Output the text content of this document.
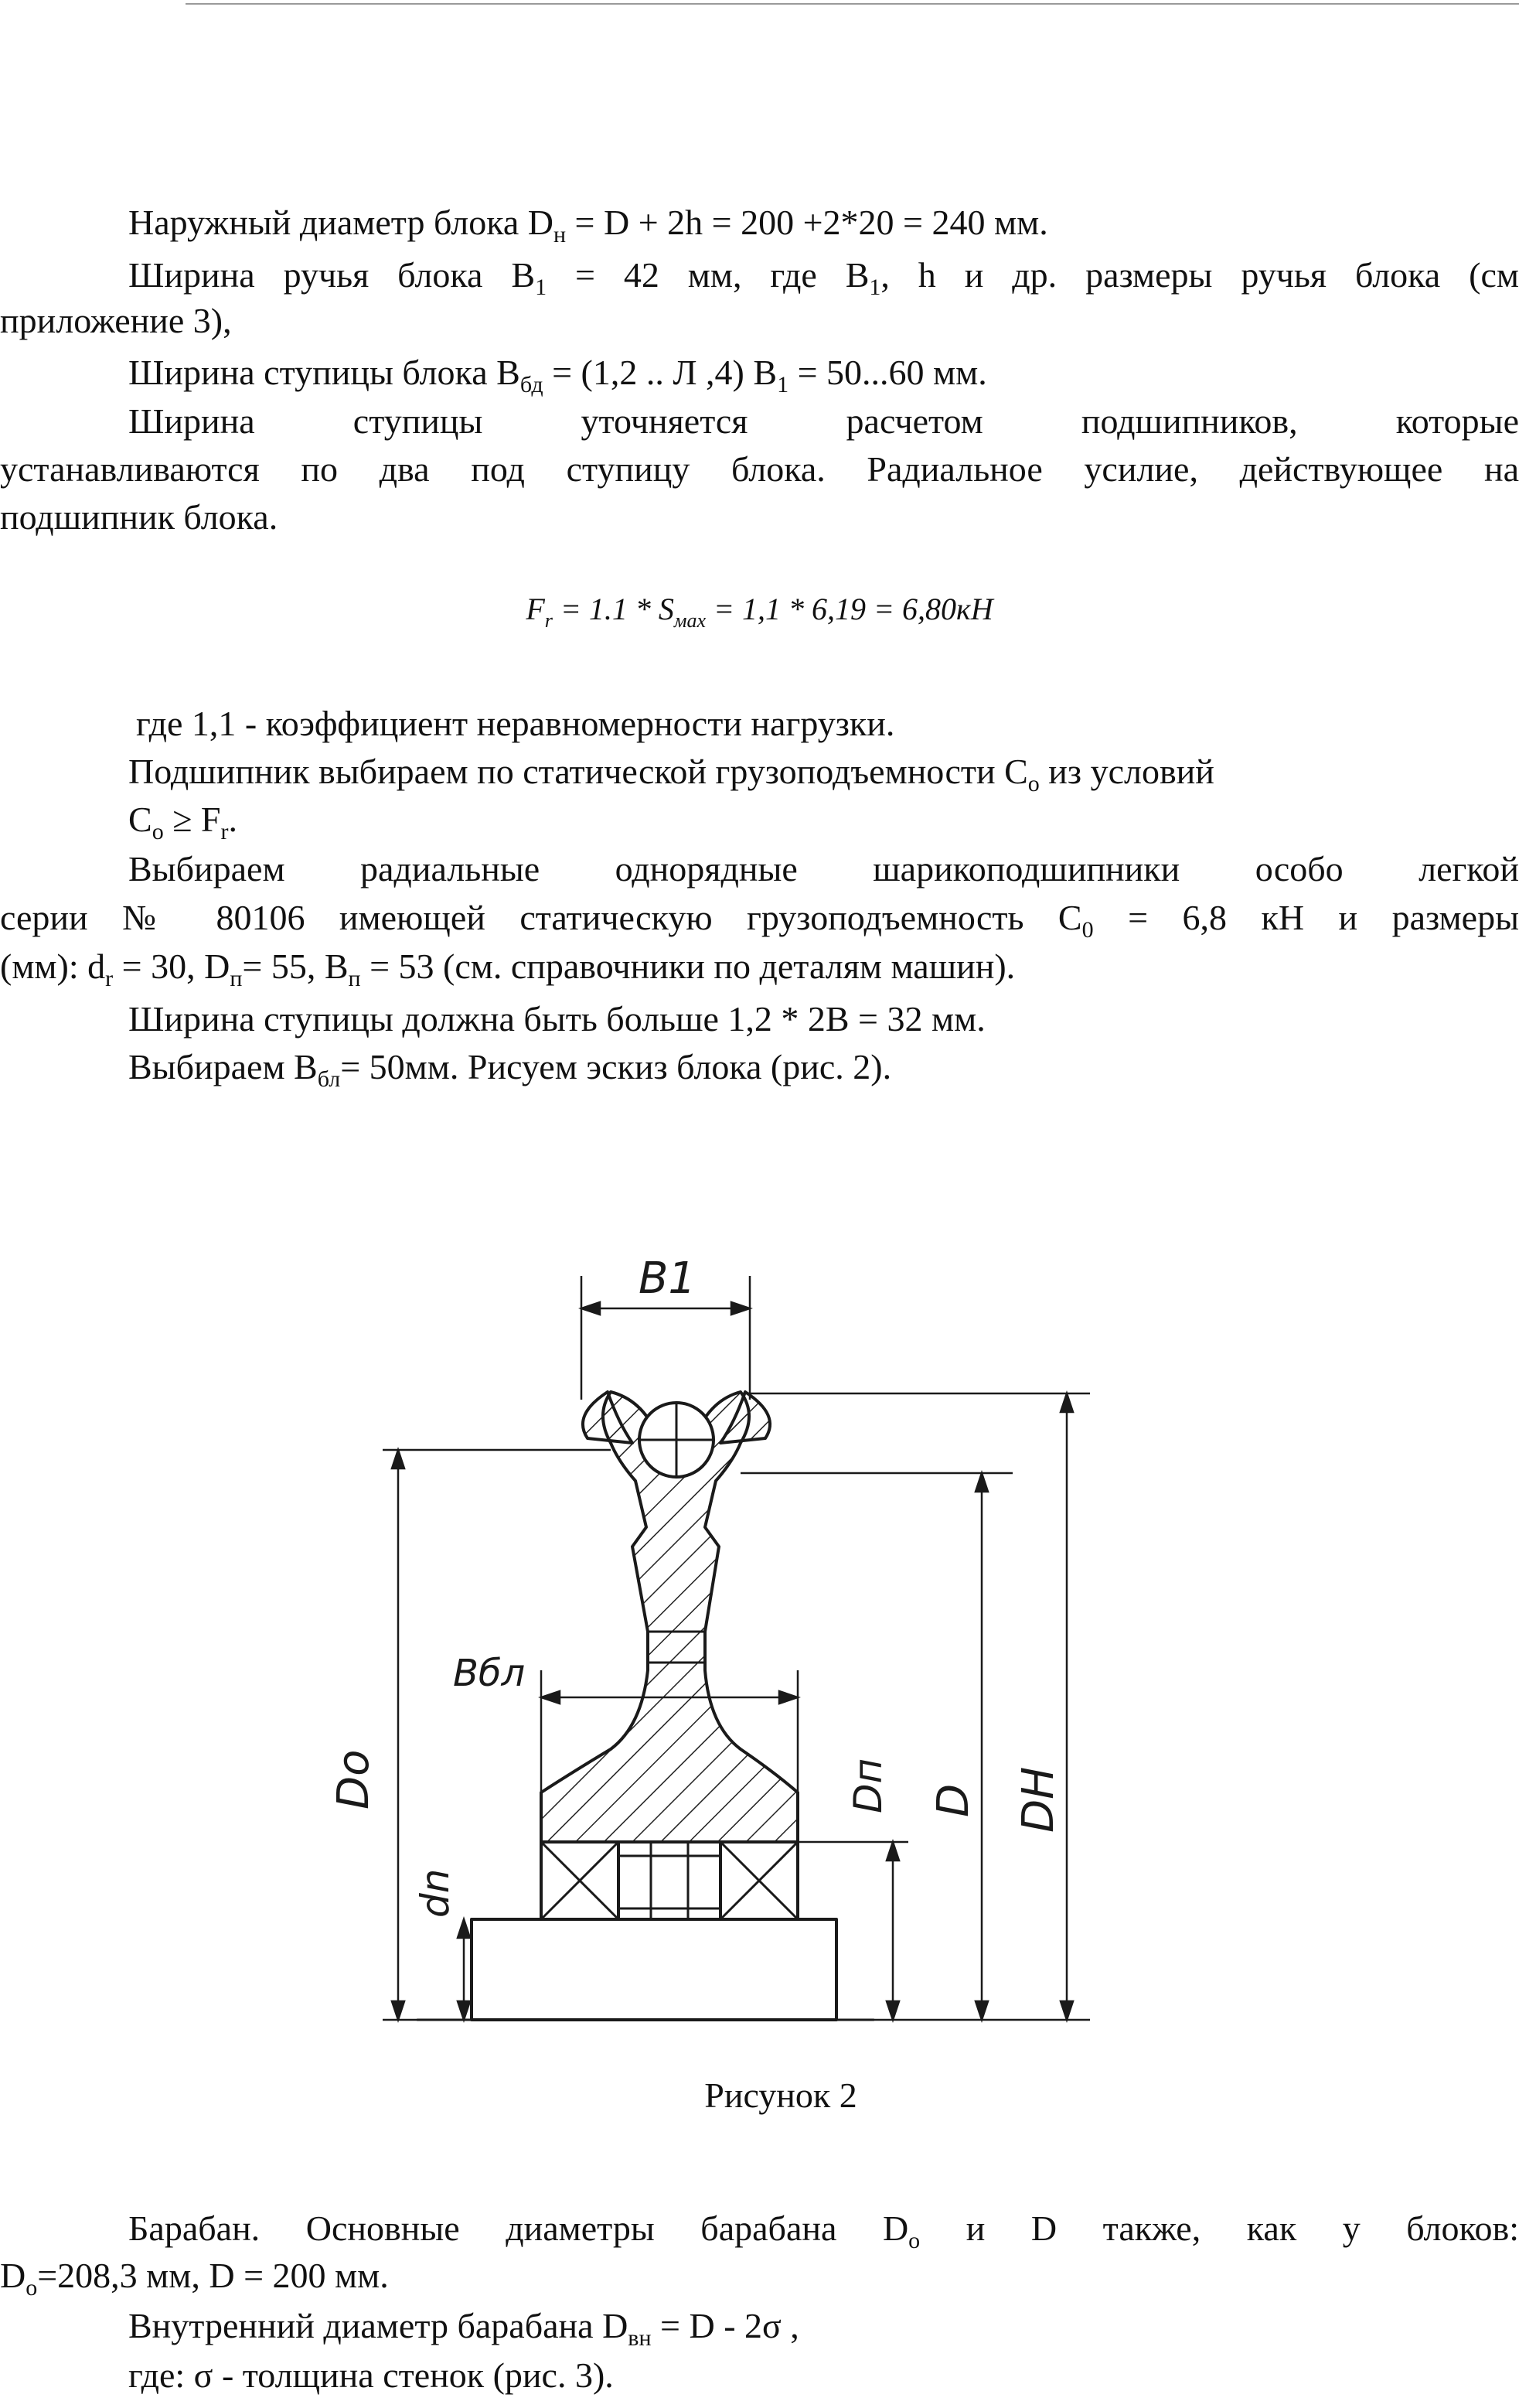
Наружный диаметр блока $D_н = D + 2h = 200 +2*20 = 240$ мм.

Ширина ручья блока $В_1 = 42$ мм, где $В_1$, h и др. размеры ручья блока (см

приложение 3),

Ширина ступицы блока $В_{бд} = (1,2$ .. Л ,4) $В_1 = 50...60$ мм.

Ширина ступицы уточняется расчетом подшипников, которые

устанавливаются по два под ступицу блока. Радиальное усилие, действующее на

подшипник блока.

$F_r = 1.1 * S_{мах} = 1,1 * 6,19 = 6,80кН$

где 1,1 - коэффициент неравномерности нагрузки.

Подшипник выбираем по статической грузоподъемности $С_о$ из условий

$С_о \ge F_r$.

Выбираем радиальные однорядные шарикоподшипники особо легкой

серии № 80106 имеющей статическую грузоподъемность $С_0 = 6,8$ кН и размеры

(мм): $d_r = 30$, $D_п= 55$, $В_п = 53$ (см. справочники по деталям машин).

Ширина ступицы должна быть больше 1,2 * 2В = 32 мм.

Выбираем $В_{бл}= 50мм$. Рисуем эскиз блока (рис. 2).

B1
Bбл
Do
dn
Dп D DH
Рисунок 2

Барабан. Основные диаметры барабана $D_о$ и D также, как у блоков:

$D_o=208,3$ мм, D = 200 мм.

Внутренний диаметр барабана $D_{вн} = D - 2\sigma$ ,

где: σ - толщина стенок (рис. 3).
